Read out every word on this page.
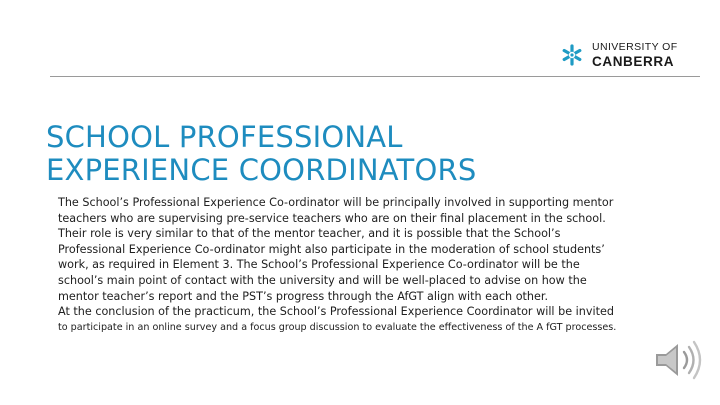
UNIVERSITY OF
CANBERRA
SCHOOL PROFESSIONAL
EXPERIENCE COORDINATORS

The School’s Professional Experience Co-ordinator will be principally involved in supporting mentor teachers who are supervising pre-service teachers who are on their final placement in the school. Their role is very similar to that of the mentor teacher, and it is possible that the School’s Professional Experience Co-ordinator might also participate in the moderation of school students’ work, as required in Element 3. The School’s Professional Experience Co-ordinator will be the school’s main point of contact with the university and will be well-placed to advise on how the mentor teacher’s report and the PST’s progress through the AfGT align with each other.

At the conclusion of the practicum, the School’s Professional Experience Coordinator will be invited

to participate in an online survey and a focus group discussion to evaluate the effectiveness of the A fGT processes.
